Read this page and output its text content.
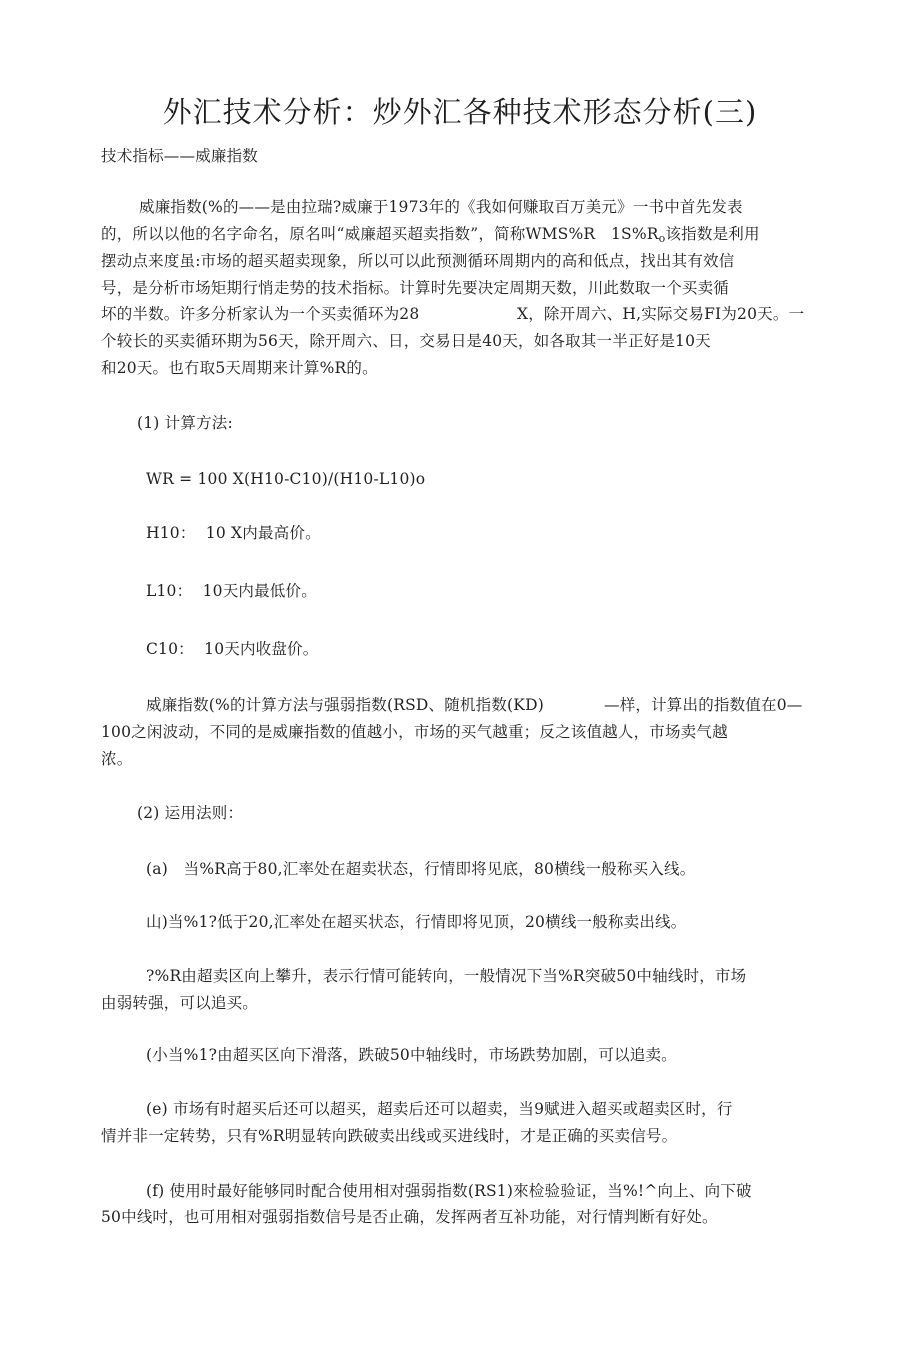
外汇技术分析：炒外汇各种技术形态分析(三)
技术指标——威廉指数
威廉指数(%的——是由拉瑞?威廉于1973年的《我如何赚取百万美元》一书中首先发表
的，所以以他的名字命名，原名叫“威廉超买超卖指数”，简称WMS%R　1S%Ro该指数是利用
摆动点来度虽:市场的超买超卖现象，所以可以此预测循环周期内的高和低点，找出其有效信
号，是分析市场矩期行悄走势的技术指标。计算时先要决定周期天数，川此数取一个买卖循
坏的半数。许多分析家认为一个买卖循环为28	X，除开周六、H,实际交易FI为20天。一
个较长的买卖循环期为56天，除开周六、日，交易日是40天，如各取其一半正好是10天
和20天。也冇取5天周期来计算%R的。
(1) 计算方法:
WR = 100 X(H10-C10)/(H10-L10)o
H10：  10 X内最高价。
L10：  10天内最低价。
C10：  10天内收盘价。
威廉指数(%的计算方法与强弱指数(RSD、随机指数(KD)	—样，计算出的指数值在0—
100之闲波动，不同的是威廉指数的值越小，市场的买气越重；反之该值越人，市场卖气越
浓。
(2) 运用法则：
(a)　当%R高于80,汇率处在超卖状态，行情即将见底，80横线一般称买入线。
山)当%1?低于20,汇率处在超买状态，行情即将见顶，20横线一般称卖出线。
?%R由超卖区向上攀升，表示行情可能转向，一般情况下当%R突破50中轴线时，市场
由弱转强，可以追买。
(小当%1?由超买区向下滑落，跌破50中轴线时，市场跌势加剧，可以追卖。
(e) 市场有时超买后还可以超买，超卖后还可以超卖，当9赋进入超买或超卖区时，行
情并非一定转势，只有%R明显转向跌破卖出线或买进线时，才是正确的买卖信号。
(f) 使用时最好能够同时配合使用相对强弱指数(RS1)來检验验证，当%!^向上、向下破
50中线吋，也可用相对强弱指数信号是否止确，发挥两者互补功能，对行情判断有好处。
